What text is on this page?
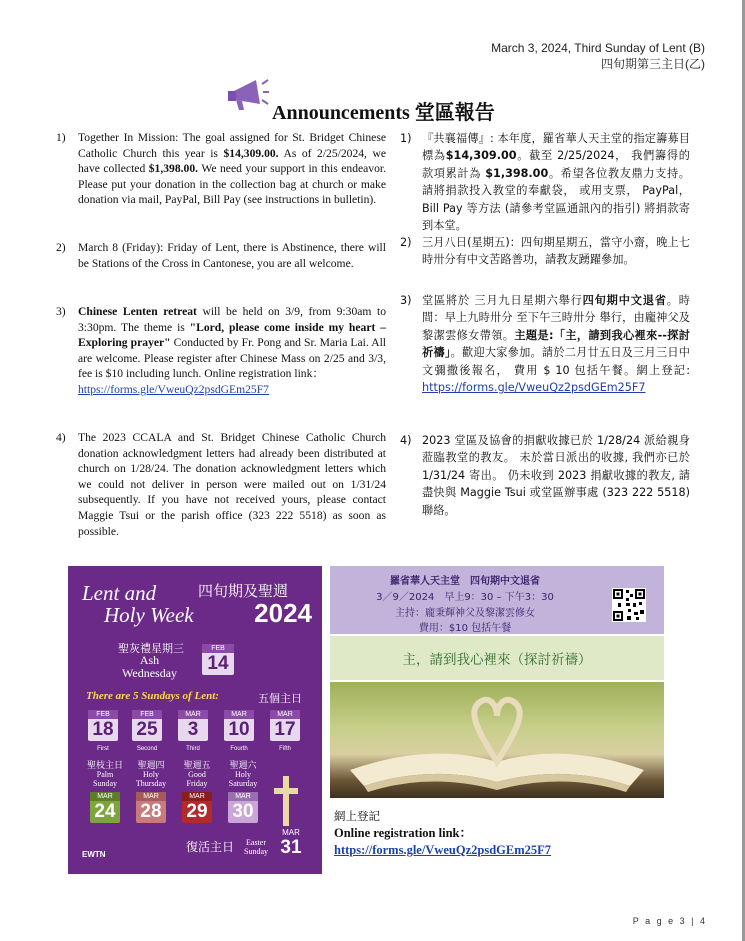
March 3, 2024, Third Sunday of Lent (B)
四旬期第三主日(乙)
Announcements 堂區報告
1) Together In Mission: The goal assigned for St. Bridget Chinese Catholic Church this year is $14,309.00. As of 2/25/2024, we have collected $1,398.00. We need your support in this endeavor. Please put your donation in the collection bag at church or make donation via mail, PayPal, Bill Pay (see instructions in bulletin).
2) March 8 (Friday): Friday of Lent, there is Abstinence, there will be Stations of the Cross in Cantonese, you are all welcome.
3) Chinese Lenten retreat will be held on 3/9, from 9:30am to 3:30pm. The theme is "Lord, please come inside my heart – Exploring prayer" Conducted by Fr. Pong and Sr. Maria Lai. All are welcome. Please register after Chinese Mass on 2/25 and 3/3, fee is $10 including lunch. Online registration link：
https://forms.gle/VweuQz2psdGEm25F7
4) The 2023 CCALA and St. Bridget Chinese Catholic Church donation acknowledgment letters had already been distributed at church on 1/28/24. The donation acknowledgment letters which we could not deliver in person were mailed out on 1/31/24 subsequently. If you have not received yours, please contact Maggie Tsui or the parish office (323 222 5518) as soon as possible.
1) 『共襄福傳』: 本年度，羅省華人天主堂的指定籌募目標為$14,309.00。截至 2/25/2024， 我們籌得的款項累計為 $1,398.00。希望各位教友鼎力支持。 請將捐款投入教堂的奉獻袋， 或用支票， PayPal， Bill Pay 等方法 (請參考堂區通訊內的指引) 將捐款寄到本堂。
2) 三月八日(星期五)：四旬期星期五，當守小齋，晚上七時卅分有中文苦路善功，請教友踴躍參加。
3) 堂區將於 三月九日星期六舉行四旬期中文退省。時間：早上九時卅分 至下午三時卅分 舉行，由龐神父及黎潔雲修女帶領。主題是:「主，請到我心裡來--探討祈禱」。歡迎大家參加。請於二月廿五日及三月三日中文彌撒後報名， 費用 $ 10 包括午餐。網上登記: https://forms.gle/VweuQz2psdGEm25F7
4) 2023 堂區及協會的捐獻收據已於 1/28/24 派給親身蒞臨教堂的教友。 未於當日派出的收據, 我們亦已於 1/31/24 寄出。 仍未收到 2023 捐獻收據的教友, 請盡快與 Maggie Tsui 或堂區辦事處 (323 222 5518) 聯絡。
Lent and
Holy Week
四旬期及聖週
2024
聖灰禮星期三
Ash
Wednesday
FEB
14
There are 5 Sundays of Lent:	五個主日
FEB
18
FEB
25
MAR
3
MAR
10
MAR
17
First	Second	Third	Fourth	Fifth
聖枝主日	聖週四	聖週五	聖週六
Palm
Sunday
Holy
Thursday
Good
Friday
Holy
Saturday
MAR
24
MAR
28
MAR
29
MAR
30
EWTN
復活主日 Easter
Sunday
MAR
31
羅省華人天主堂　四旬期中文退省
3／9／2024　早上9：30 – 下午3：30
主持：龐秉輝神父及黎潔雲修女
費用：$10 包括午餐
主，請到我心裡來（探討祈禱）
網上登記
Online registration link：
https://forms.gle/VweuQz2psdGEm25F7
P a g e 3 | 4
